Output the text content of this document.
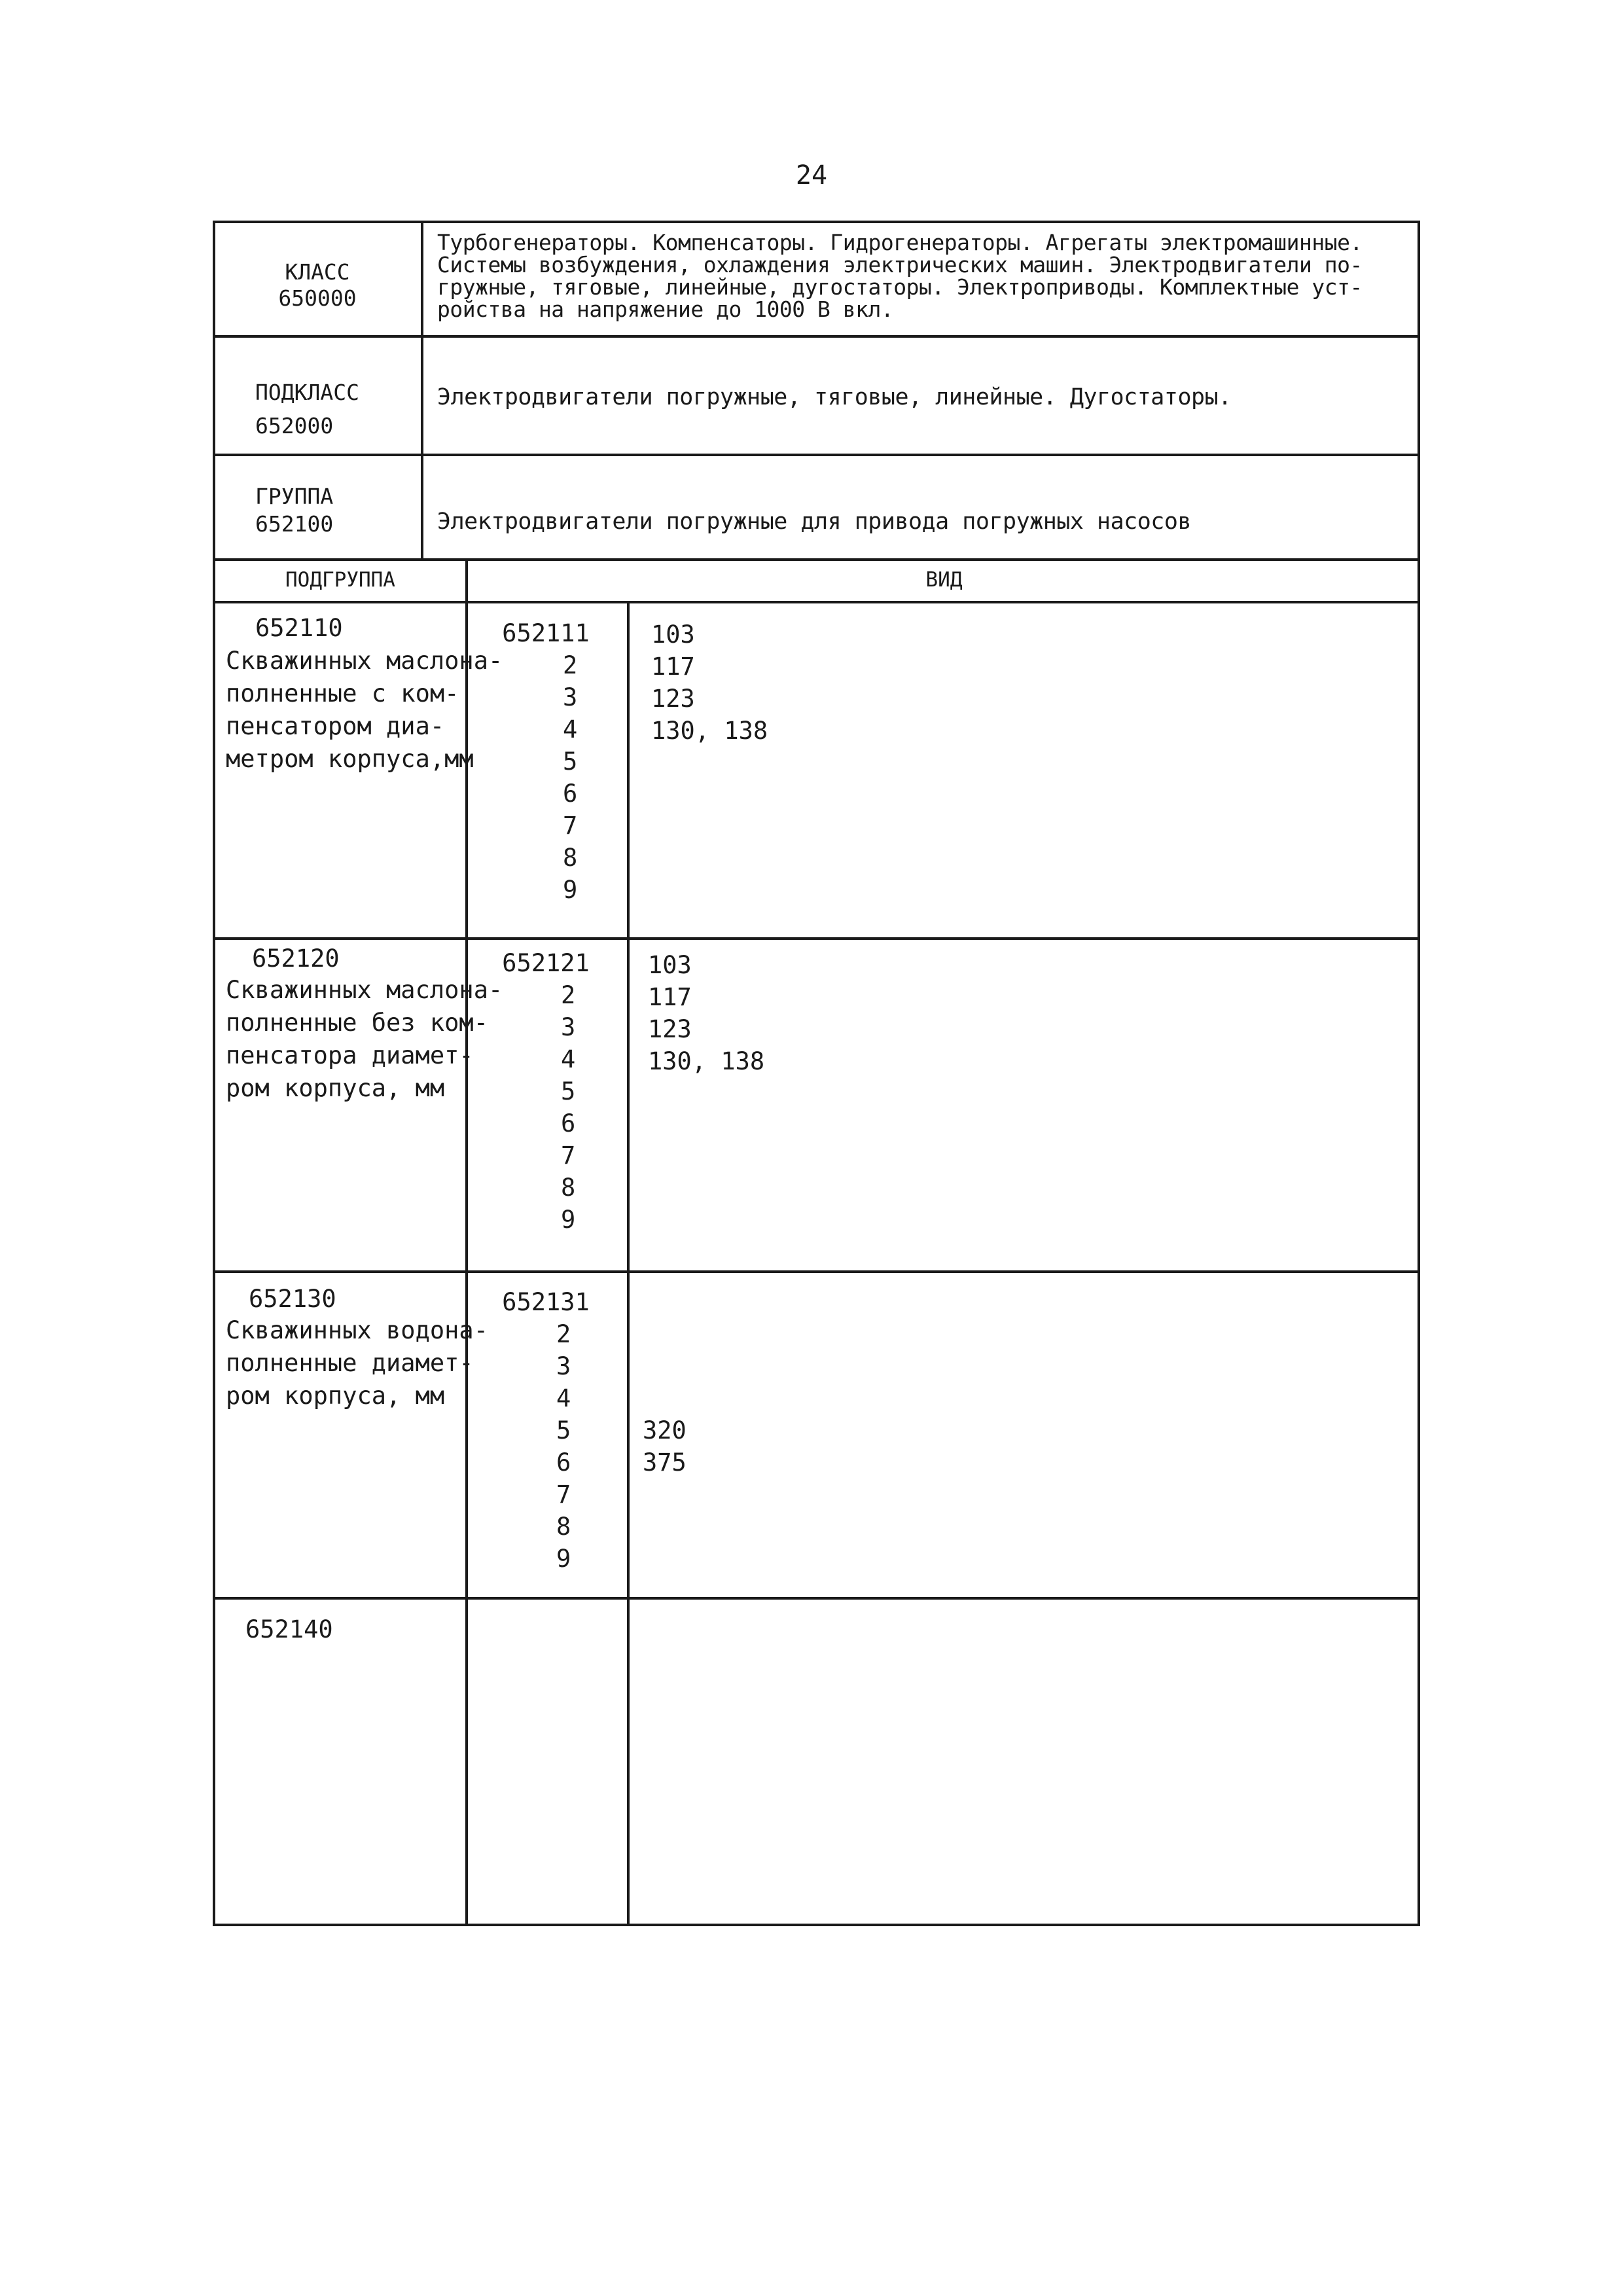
24
КЛАСС
650000
Турбогенераторы. Компенсаторы. Гидрогенераторы. Агрегаты электромашинные.
Системы возбуждения, охлаждения электрических машин. Электродвигатели по-
гружные, тяговые, линейные, дугостаторы. Электроприводы. Комплектные уст-
ройства на напряжение до 1000 В вкл.
ПОДКЛАСС
652000
Электродвигатели погружные, тяговые, линейные. Дугостаторы.
ГРУППА
652100	Электродвигатели погружные для привода погружных насосов
ПОДГРУППА	ВИД
652110
Скважинных маслона-
полненные с ком-
пенсатором диа-
метром корпуса,мм
652111
2
3
4
5
6
7
8
9
103
117
123
130, 138
652120
Скважинных маслона-
полненные без ком-
пенсатора диамет-
ром корпуса, мм
652121
2
3
4
5
6
7
8
9
103
117
123
130, 138
652130
Скважинных водона-
полненные диамет-
ром корпуса, мм
652131
2
3
4
5
6
7
8
9
320
375
652140
